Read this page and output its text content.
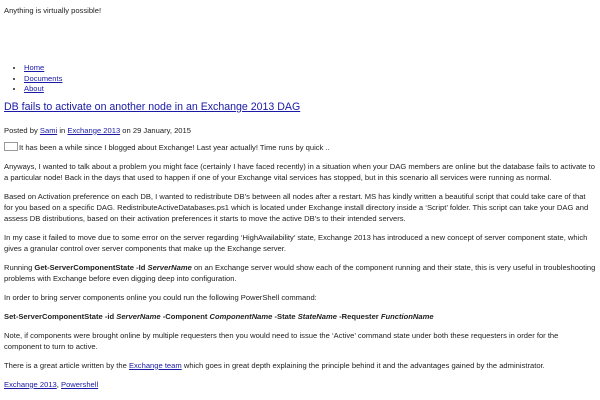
Anything is virtually possible!
• Home
• Documents
• About
DB fails to activate on another node in an Exchange 2013 DAG
Posted by Sami in Exchange 2013 on 29 January, 2015

It has been a while since I blogged about Exchange! Last year actually! Time runs by quick ..

Anyways, I wanted to talk about a problem you might face (certainly I have faced recently) in a situation when your DAG members are online but the database fails to activate to a particular node! Back in the days that used to happen if one of your Exchange vital services has stopped, but in this scenario all services were running as normal.

Based on Activation preference on each DB, I wanted to redistribute DB’s between all nodes after a restart. MS has kindly written a beautiful script that could take care of that for you based on a specific DAG. RedistributeActiveDatabases.ps1 which is located under Exchange install directory inside a ‘Script’ folder. This script can take your DAG and assess DB distributions, based on their activation preferences it starts to move the active DB’s to their intended servers.

In my case it failed to move due to some error on the server regarding ‘HighAvailability’ state, Exchange 2013 has introduced a new concept of server component state, which gives a granular control over server components that make up the Exchange server.

Running Get-ServerComponentState -Id ServerName on an Exchange server would show each of the component running and their state, this is very useful in troubleshooting problems with Exchange before even digging deep into configuration.

In order to bring server components online you could run the following PowerShell command:

Set-ServerComponentState -id ServerName -Component ComponentName -State StateName -Requester FunctionName

Note, if components were brought online by multiple requesters then you would need to issue the ‘Active’ command state under both these requesters in order for the component to turn to active.

There is a great article written by the Exchange team which goes in great depth explaining the principle behind it and the advantages gained by the administrator.

Exchange 2013, Powershell
